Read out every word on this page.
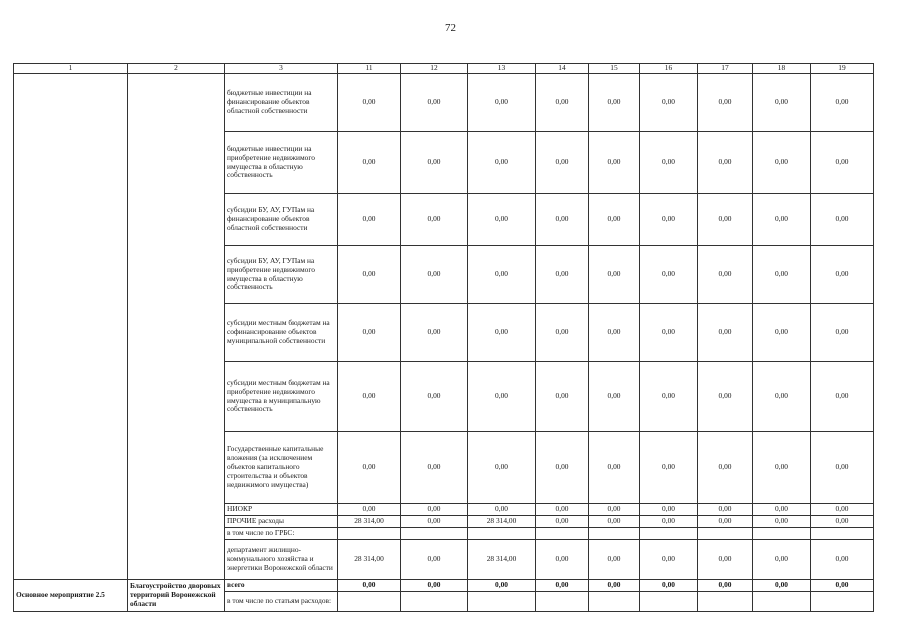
72
1	2	3	11	12	13	14	15	16	17	18	19
		бюджетные инвестиции на финансирование объектов областной собственности	0,00	0,00	0,00	0,00	0,00	0,00	0,00	0,00	0,00
		бюджетные инвестиции на приобретение недвижимого имущества в областную собственность	0,00	0,00	0,00	0,00	0,00	0,00	0,00	0,00	0,00
		субсидии БУ, АУ, ГУПам на финансирование объектов областной собственности	0,00	0,00	0,00	0,00	0,00	0,00	0,00	0,00	0,00
		субсидии БУ, АУ, ГУПам на приобретение недвижимого имущества в областную собственность	0,00	0,00	0,00	0,00	0,00	0,00	0,00	0,00	0,00
		субсидии местным бюджетам на софинансирование объектов муниципальной собственности	0,00	0,00	0,00	0,00	0,00	0,00	0,00	0,00	0,00
		субсидии местным бюджетам на приобретение недвижимого имущества в муниципальную собственность	0,00	0,00	0,00	0,00	0,00	0,00	0,00	0,00	0,00
		Государственные капитальные вложения (за исключением объектов капитального строительства и объектов недвижимого имущества)	0,00	0,00	0,00	0,00	0,00	0,00	0,00	0,00	0,00
		НИОКР	0,00	0,00	0,00	0,00	0,00	0,00	0,00	0,00	0,00
		ПРОЧИЕ расходы	28 314,00	0,00	28 314,00	0,00	0,00	0,00	0,00	0,00	0,00
		в том числе по ГРБС:									
		департамент жилищно-коммунального хозяйства и энергетики Воронежской области	28 314,00	0,00	28 314,00	0,00	0,00	0,00	0,00	0,00	0,00
Основное мероприятие 2.5	Благоустройство дворовых территорий Воронежской области	всего	0,00	0,00	0,00	0,00	0,00	0,00	0,00	0,00	0,00
		в том числе по статьям расходов:									
